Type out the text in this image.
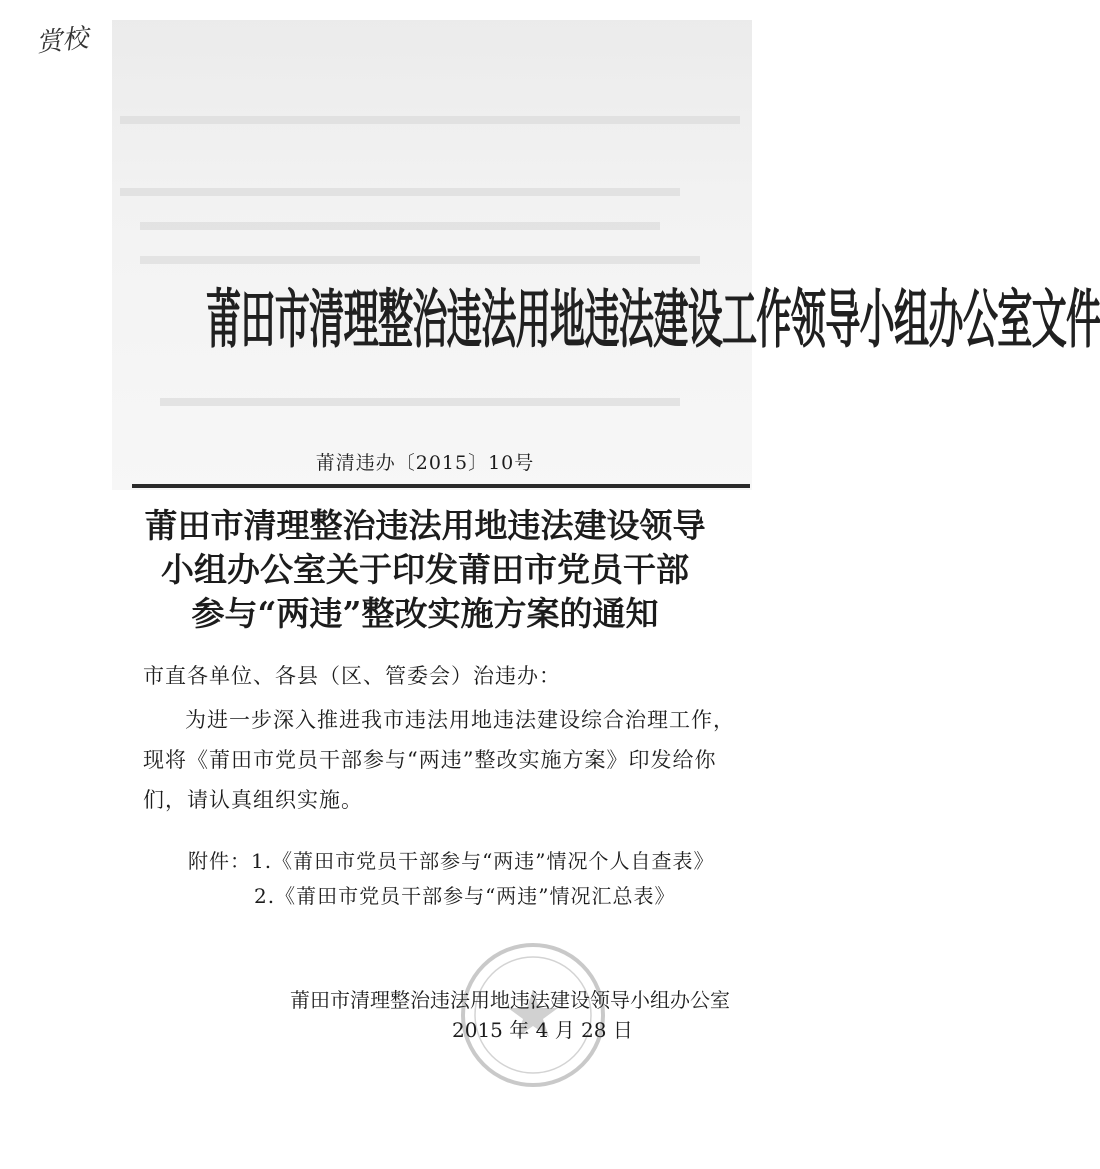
赏校
莆田市清理整治违法用地违法建设工作领导小组办公室文件
莆清违办〔2015〕10号
莆田市清理整治违法用地违法建设领导
小组办公室关于印发莆田市党员干部
参与“两违”整改实施方案的通知
市直各单位、各县（区、管委会）治违办：
为进一步深入推进我市违法用地违法建设综合治理工作，现将《莆田市党员干部参与“两违”整改实施方案》印发给你们，请认真组织实施。
附件：1.《莆田市党员干部参与“两违”情况个人自查表》
2.《莆田市党员干部参与“两违”情况汇总表》
莆田市清理整治违法用地违法建设领导小组办公室
2015 年 4 月 28 日
